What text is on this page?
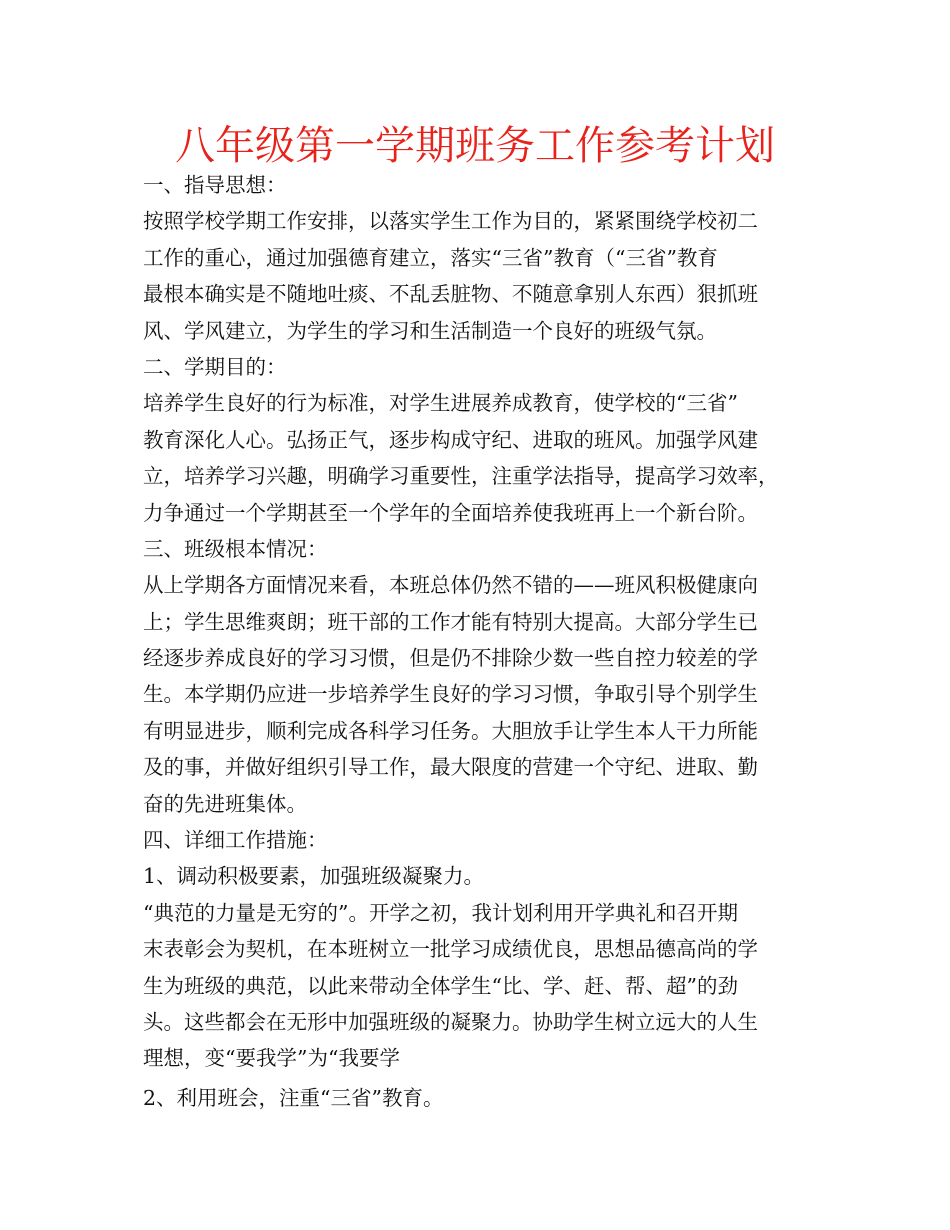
八年级第一学期班务工作参考计划
一、指导思想：
按照学校学期工作安排，以落实学生工作为目的，紧紧围绕学校初二
工作的重心，通过加强德育建立，落实“三省”教育（“三省”教育
最根本确实是不随地吐痰、不乱丢脏物、不随意拿别人东西）狠抓班
风、学风建立，为学生的学习和生活制造一个良好的班级气氛。
二、学期目的：
培养学生良好的行为标准，对学生进展养成教育，使学校的“三省”
教育深化人心。弘扬正气，逐步构成守纪、进取的班风。加强学风建
立，培养学习兴趣，明确学习重要性，注重学法指导，提高学习效率，
力争通过一个学期甚至一个学年的全面培养使我班再上一个新台阶。
三、班级根本情况：
从上学期各方面情况来看，本班总体仍然不错的——班风积极健康向
上；学生思维爽朗；班干部的工作才能有特别大提高。大部分学生已
经逐步养成良好的学习习惯，但是仍不排除少数一些自控力较差的学
生。本学期仍应进一步培养学生良好的学习习惯，争取引导个别学生
有明显进步，顺利完成各科学习任务。大胆放手让学生本人干力所能
及的事，并做好组织引导工作，最大限度的营建一个守纪、进取、勤
奋的先进班集体。
四、详细工作措施：
1、调动积极要素，加强班级凝聚力。
“典范的力量是无穷的”。开学之初，我计划利用开学典礼和召开期
末表彰会为契机，在本班树立一批学习成绩优良，思想品德高尚的学
生为班级的典范，以此来带动全体学生“比、学、赶、帮、超”的劲
头。这些都会在无形中加强班级的凝聚力。协助学生树立远大的人生
理想，变“要我学”为“我要学
2、利用班会，注重“三省”教育。
